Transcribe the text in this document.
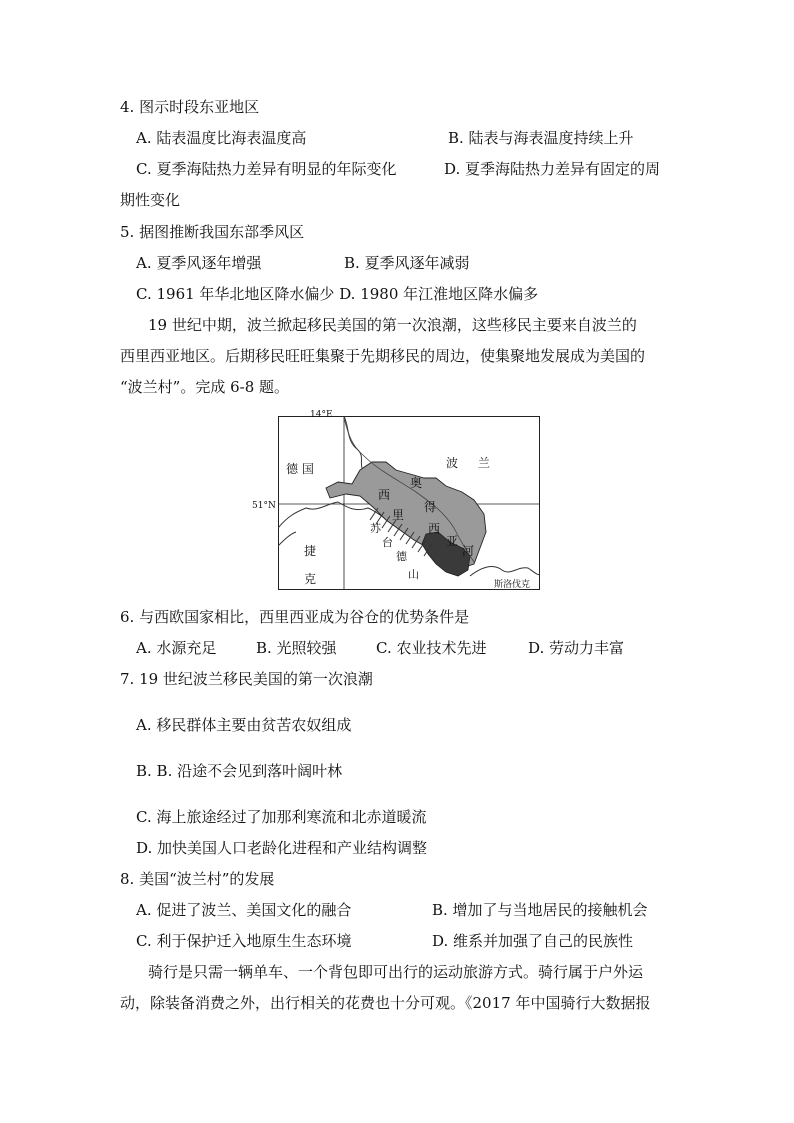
4. 图示时段东亚地区
A. 陆表温度比海表温度高	B. 陆表与海表温度持续上升
C. 夏季海陆热力差异有明显的年际变化	D. 夏季海陆热力差异有固定的周
期性变化
5. 据图推断我国东部季风区
A. 夏季风逐年增强	B. 夏季风逐年减弱
C. 1961 年华北地区降水偏少 D. 1980 年江淮地区降水偏多
19 世纪中期，波兰掀起移民美国的第一次浪潮，这些移民主要来自波兰的
西里西亚地区。后期移民旺旺集聚于先期移民的周边，使集聚地发展成为美国的
“波兰村”。完成 6-8 题。
14°E
51°N
德 国	波 兰
捷
克
西
里
西
亚
奥
得
河
苏
台
德
山
斯洛伐克
6. 与西欧国家相比，西里西亚成为谷仓的优势条件是
A. 水源充足	B. 光照较强	C. 农业技术先进	D. 劳动力丰富
7. 19 世纪波兰移民美国的第一次浪潮
A. 移民群体主要由贫苦农奴组成
B. B. 沿途不会见到落叶阔叶林
C. 海上旅途经过了加那利寒流和北赤道暖流
D. 加快美国人口老龄化进程和产业结构调整
8. 美国“波兰村”的发展
A. 促进了波兰、美国文化的融合	B. 增加了与当地居民的接触机会
C. 利于保护迁入地原生生态环境	D. 维系并加强了自己的民族性
骑行是只需一辆单车、一个背包即可出行的运动旅游方式。骑行属于户外运
动，除装备消费之外，出行相关的花费也十分可观。《2017 年中国骑行大数据报
